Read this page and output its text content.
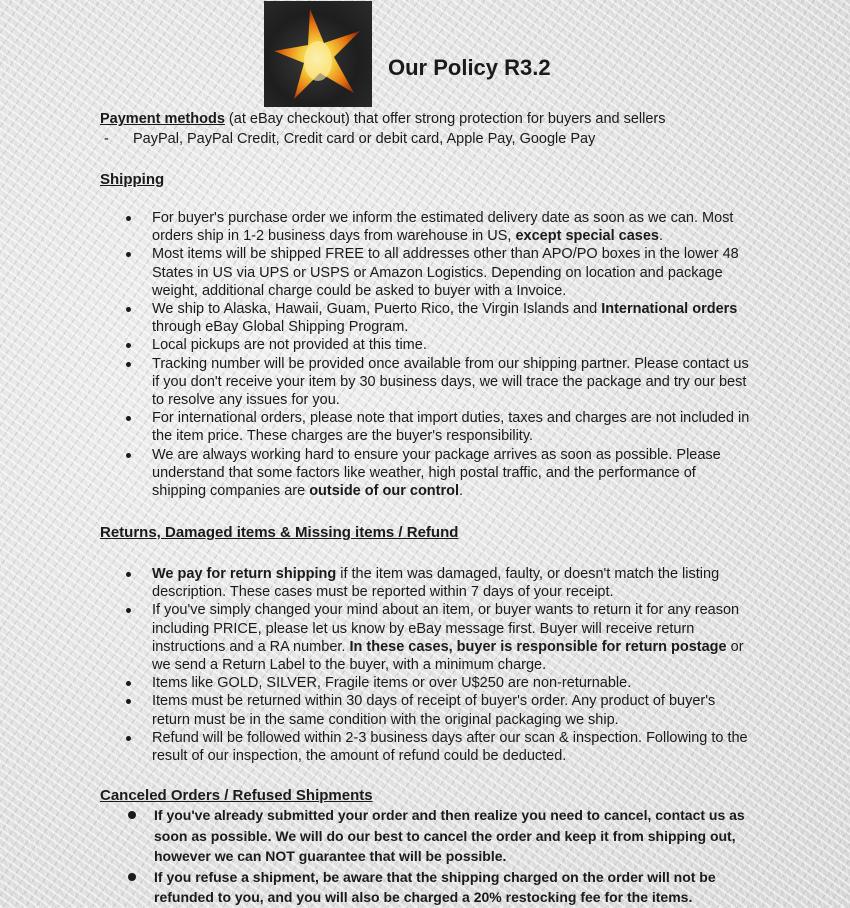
Our Policy R3.2

Payment methods (at eBay checkout) that offer strong protection for buyers and sellers

- PayPal, PayPal Credit, Credit card or debit card, Apple Pay, Google Pay
Shipping
For buyer's purchase order we inform the estimated delivery date as soon as we can. Most orders ship in 1-2 business days from warehouse in US, except special cases.
Most items will be shipped FREE to all addresses other than APO/PO boxes in the lower 48 States in US via UPS or USPS or Amazon Logistics. Depending on location and package weight, additional charge could be asked to buyer with a Invoice.
We ship to Alaska, Hawaii, Guam, Puerto Rico, the Virgin Islands and International orders through eBay Global Shipping Program.
Local pickups are not provided at this time.
Tracking number will be provided once available from our shipping partner. Please contact us if you don't receive your item by 30 business days, we will trace the package and try our best to resolve any issues for you.
For international orders, please note that import duties, taxes and charges are not included in the item price. These charges are the buyer's responsibility.
We are always working hard to ensure your package arrives as soon as possible. Please understand that some factors like weather, high postal traffic, and the performance of shipping companies are outside of our control.
Returns, Damaged items & Missing items / Refund
We pay for return shipping if the item was damaged, faulty, or doesn't match the listing description. These cases must be reported within 7 days of your receipt.
If you've simply changed your mind about an item, or buyer wants to return it for any reason including PRICE, please let us know by eBay message first. Buyer will receive return instructions and a RA number. In these cases, buyer is responsible for return postage or we send a Return Label to the buyer, with a minimum charge.
Items like GOLD, SILVER, Fragile items or over U$250 are non-returnable.
Items must be returned within 30 days of receipt of buyer's order. Any product of buyer's return must be in the same condition with the original packaging we ship.
Refund will be followed within 2-3 business days after our scan & inspection. Following to the result of our inspection, the amount of refund could be deducted.
Canceled Orders / Refused Shipments
If you've already submitted your order and then realize you need to cancel, contact us as soon as possible. We will do our best to cancel the order and keep it from shipping out, however we can NOT guarantee that will be possible.
If you refuse a shipment, be aware that the shipping charged on the order will not be refunded to you, and you will also be charged a 20% restocking fee for the items.
